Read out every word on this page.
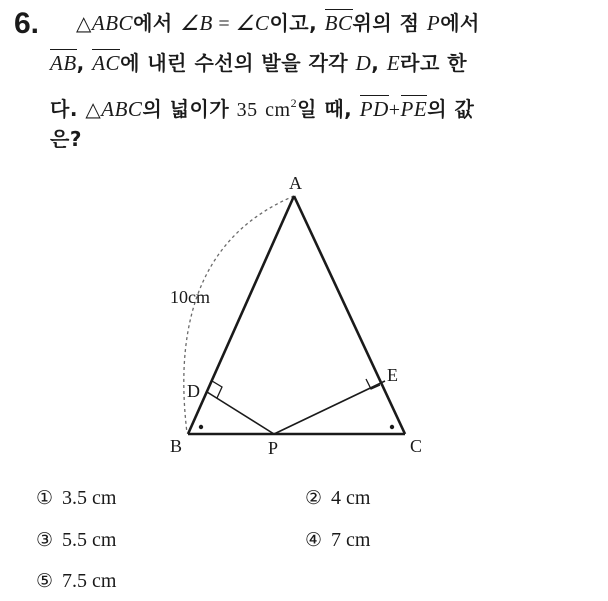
6. △ABC에서 ∠B = ∠C이고, BC위의 점 P에서
AB, AC에 내린 수선의 발을 각각 D, E라고 한
다. △ABC의 넓이가 35 $cm^2$일 때, PD+PE의 값
은?
A
B	C
D
E
P
10cm
① 3.5 cm	② 4 cm
③ 5.5 cm	④ 7 cm
⑤ 7.5 cm
